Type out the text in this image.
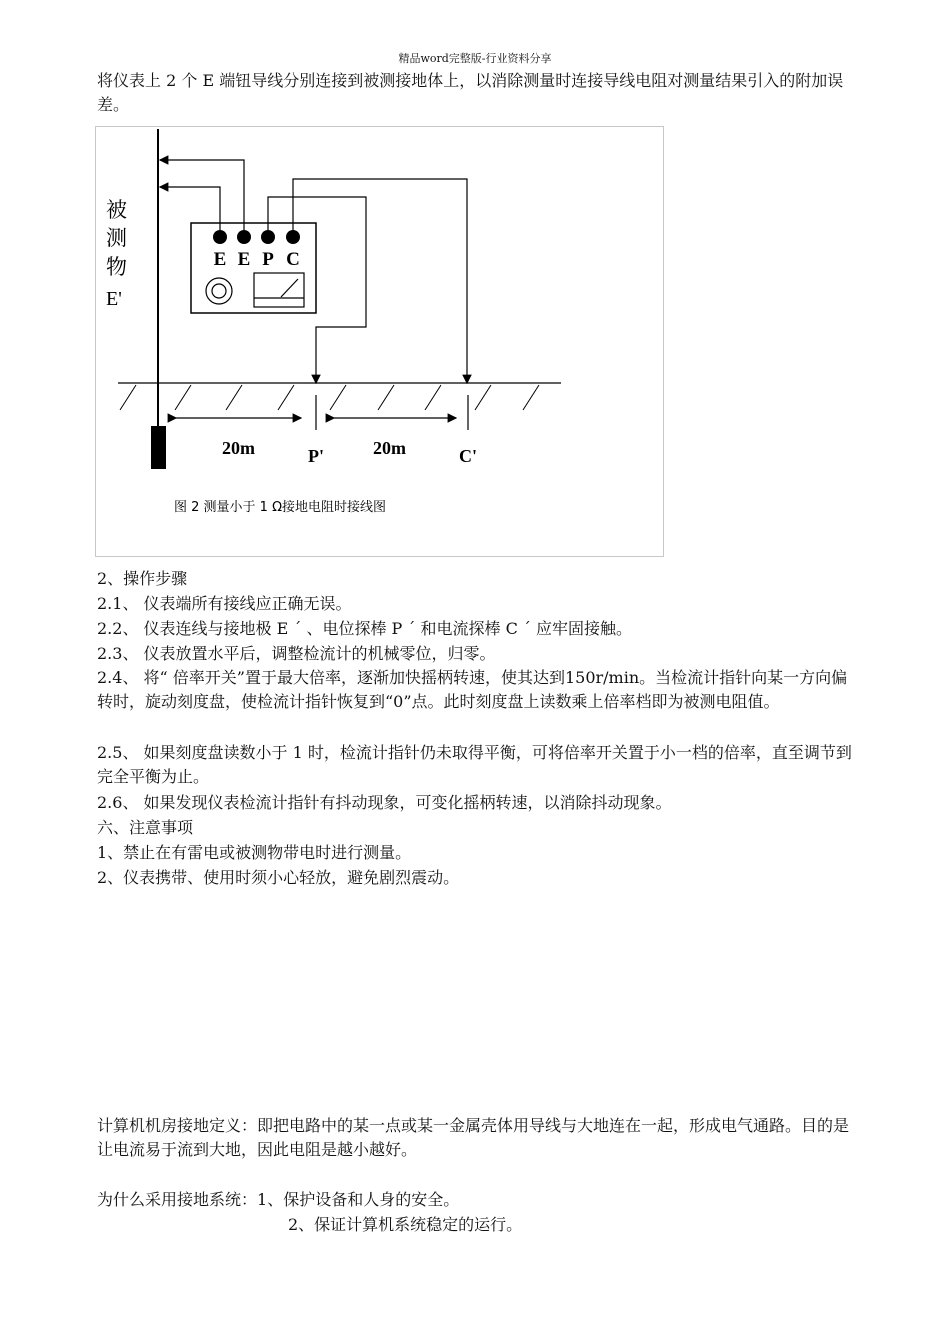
精品word完整版-行业资料分享

将仪表上 2 个 E 端钮导线分别连接到被测接地体上，以消除测量时连接导线电阻对测量结果引入的附加误差。

被
测
物
E'
E E P C
20m	20m
P'	C'
图 2 测量小于 1 Ω接地电阻时接线图

2、操作步骤

2.1、 仪表端所有接线应正确无误。

2.2、 仪表连线与接地极 E ´ 、电位探棒 P ´ 和电流探棒 C ´ 应牢固接触。

2.3、 仪表放置水平后，调整检流计的机械零位，归零。

2.4、 将“ 倍率开关”置于最大倍率，逐渐加快摇柄转速，使其达到150r/min。当检流计指针向某一方向偏转时，旋动刻度盘，使检流计指针恢复到“0”点。此时刻度盘上读数乘上倍率档即为被测电阻值。

2.5、 如果刻度盘读数小于 1 时，检流计指针仍未取得平衡，可将倍率开关置于小一档的倍率，直至调节到完全平衡为止。

2.6、 如果发现仪表检流计指针有抖动现象，可变化摇柄转速，以消除抖动现象。

六、注意事项

1、禁止在有雷电或被测物带电时进行测量。

2、仪表携带、使用时须小心轻放，避免剧烈震动。

计算机机房接地定义：即把电路中的某一点或某一金属壳体用导线与大地连在一起，形成电气通路。目的是让电流易于流到大地，因此电阻是越小越好。

为什么采用接地系统：1、保护设备和人身的安全。

2、保证计算机系统稳定的运行。
